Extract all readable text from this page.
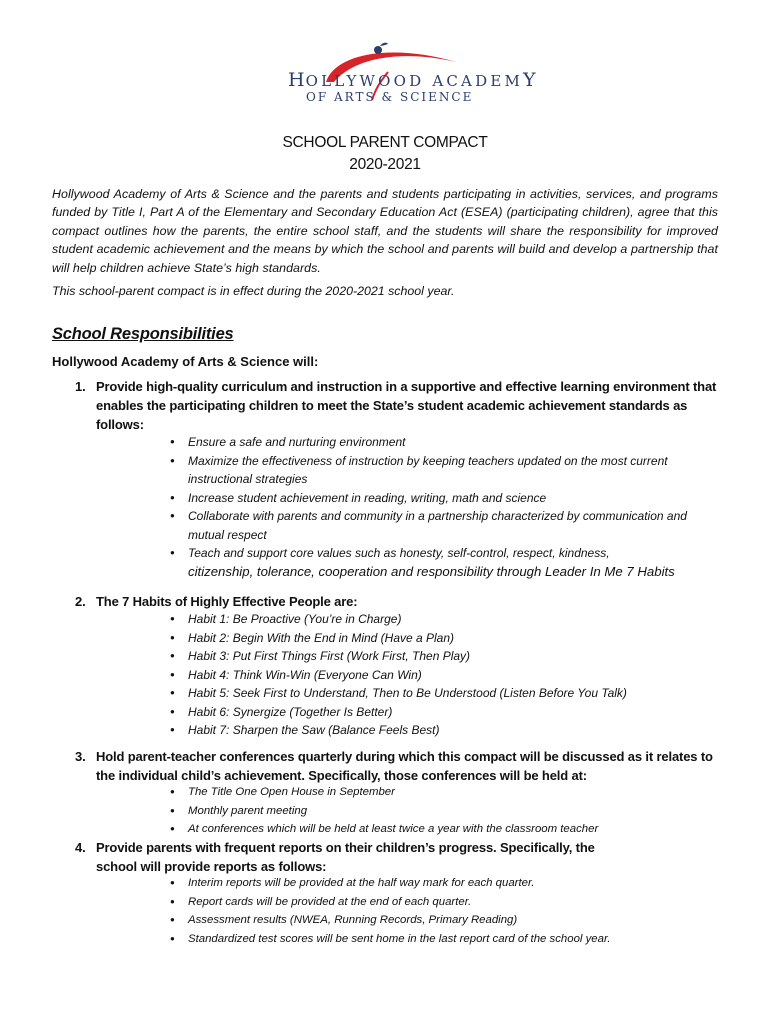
HOLLYWOOD ACADEMY
OF ARTS & SCIENCE
SCHOOL PARENT COMPACT
2020-2021
Hollywood Academy of Arts & Science and the parents and students participating in activities, services, and programs funded by Title I, Part A of the Elementary and Secondary Education Act (ESEA) (participating children), agree that this compact outlines how the parents, the entire school staff, and the students will share the responsibility for improved student academic achievement and the means by which the school and parents will build and develop a partnership that will help children achieve State’s high standards.
This school-parent compact is in effect during the 2020-2021 school year.
School Responsibilities
Hollywood Academy of Arts & Science will:
1. Provide high-quality curriculum and instruction in a supportive and effective learning environment that enables the participating children to meet the State’s student academic achievement standards as follows:
● Ensure a safe and nurturing environment
● Maximize the effectiveness of instruction by keeping teachers updated on the most current instructional strategies
● Increase student achievement in reading, writing, math and science
● Collaborate with parents and community in a partnership characterized by communication and mutual respect
● Teach and support core values such as honesty, self-control, respect, kindness,
citizenship, tolerance, cooperation and responsibility through Leader In Me 7 Habits
2. The 7 Habits of Highly Effective People are:
● Habit 1: Be Proactive (You’re in Charge)
● Habit 2: Begin With the End in Mind (Have a Plan)
● Habit 3: Put First Things First (Work First, Then Play)
● Habit 4: Think Win-Win (Everyone Can Win)
● Habit 5: Seek First to Understand, Then to Be Understood (Listen Before You Talk)
● Habit 6: Synergize (Together Is Better)
● Habit 7: Sharpen the Saw (Balance Feels Best)
3. Hold parent-teacher conferences quarterly during which this compact will be discussed as it relates to the individual child’s achievement. Specifically, those conferences will be held at:
● The Title One Open House in September
● Monthly parent meeting
● At conferences which will be held at least twice a year with the classroom teacher
4. Provide parents with frequent reports on their children’s progress. Specifically, the school will provide reports as follows:
● Interim reports will be provided at the half way mark for each quarter.
● Report cards will be provided at the end of each quarter.
● Assessment results (NWEA, Running Records, Primary Reading)
● Standardized test scores will be sent home in the last report card of the school year.
